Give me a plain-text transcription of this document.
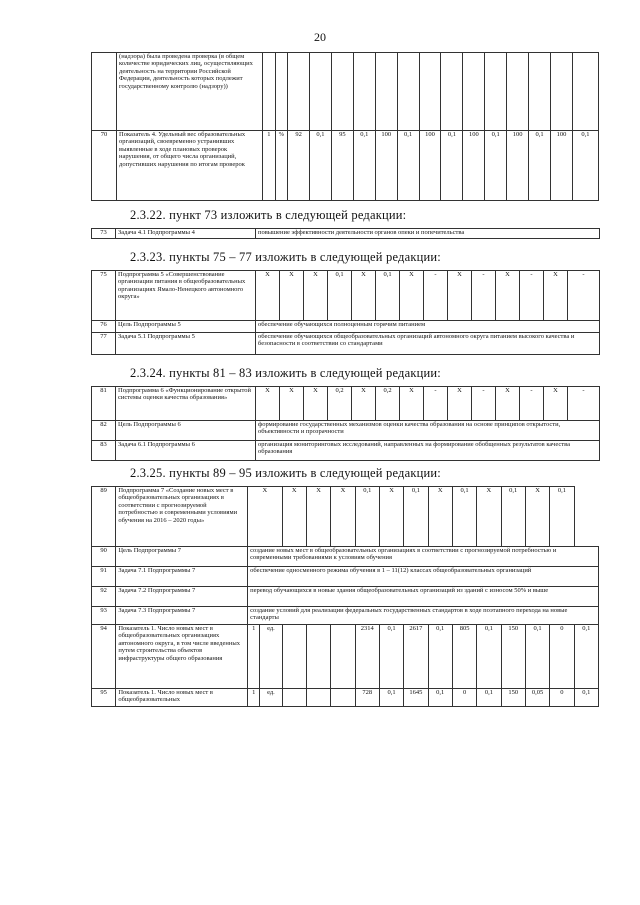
20
	(надзора) была проведена проверка (в общем количестве юридических лиц, осуществляющих деятельность на территории Российской Федерации, деятельность которых подлежит государственному контролю (надзору))																
70	Показатель 4. Удельный вес образовательных организаций, своевременно устранивших выявленные в ходе плановых проверок нарушения, от общего числа организаций, допустивших нарушения по итогам проверок	1	%	92	0,1	95	0,1	100	0,1	100	0,1	100	0,1	100	0,1	100	0,1
2.3.22. пункт 73 изложить в следующей редакции:
73	Задача 4.1 Подпрограммы 4	повышение эффективности деятельности органов опеки и попечительства
2.3.23. пункты 75 – 77 изложить в следующей редакции:
75	Подпрограмма 5 «Совершенствование организации питания в общеобразовательных организациях Ямало-Ненецкого автономного округа»	X	X	X	0,1	X	0,1	X	-	X	-	X	-	X	-
76	Цель Подпрограммы 5	обеспечение обучающихся полноценным горячим питанием													
77	Задача 5.1 Подпрограммы 5	обеспечение обучающихся общеобразовательных организаций автономного округа питанием высокого качества и безопасности в соответствии со стандартами													
2.3.24. пункты 81 – 83 изложить в следующей редакции:
81	Подпрограмма 6 «Функционирование открытой системы оценки качества образования»	X	X	X	0,2	X	0,2	X	-	X	-	X	-	X	-
82	Цель Подпрограммы 6	формирование государственных механизмов оценки качества образования на основе принципов открытости, объективности и прозрачности													
83	Задача 6.1 Подпрограммы 6	организация мониторинговых исследований, направленных на формирование обобщенных результатов качества образования													
2.3.25. пункты 89 – 95 изложить в следующей редакции:
89	Подпрограмма 7 «Создание новых мест в общеобразовательных организациях в соответствии с прогнозируемой потребностью и современными условиями обучения на 2016 – 2020 годы»	X		X	X	X	0,1	X	0,1	X	0,1	X	0,1	X	0,1	
90	Цель Подпрограммы 7	создание новых мест в общеобразовательных организациях в соответствии с прогнозируемой потребностью и современными требованиями к условиям обучения														
91	Задача 7.1 Подпрограммы 7	обеспечение односменного режима обучения в 1 – 11(12) классах общеобразовательных организаций														
92	Задача 7.2 Подпрограммы 7	перевод обучающихся в новые здания общеобразовательных организаций из зданий с износом 50% и выше														
93	Задача 7.3 Подпрограммы 7	создание условий для реализации федеральных государственных стандартов в ходе поэтапного перехода на новые стандарты														
94	Показатель 1. Число новых мест в общеобразовательных организациях автономного округа, в том числе введенных путем строительства объектов инфраструктуры общего образования	1	ед.				2314	0,1	2617	0,1	805	0,1	150	0,1	0	0,1
95	Показатель 1. Число новых мест в общеобразовательных	1	ед.				728	0,1	1645	0,1	0	0,1	150	0,05	0	0,1
